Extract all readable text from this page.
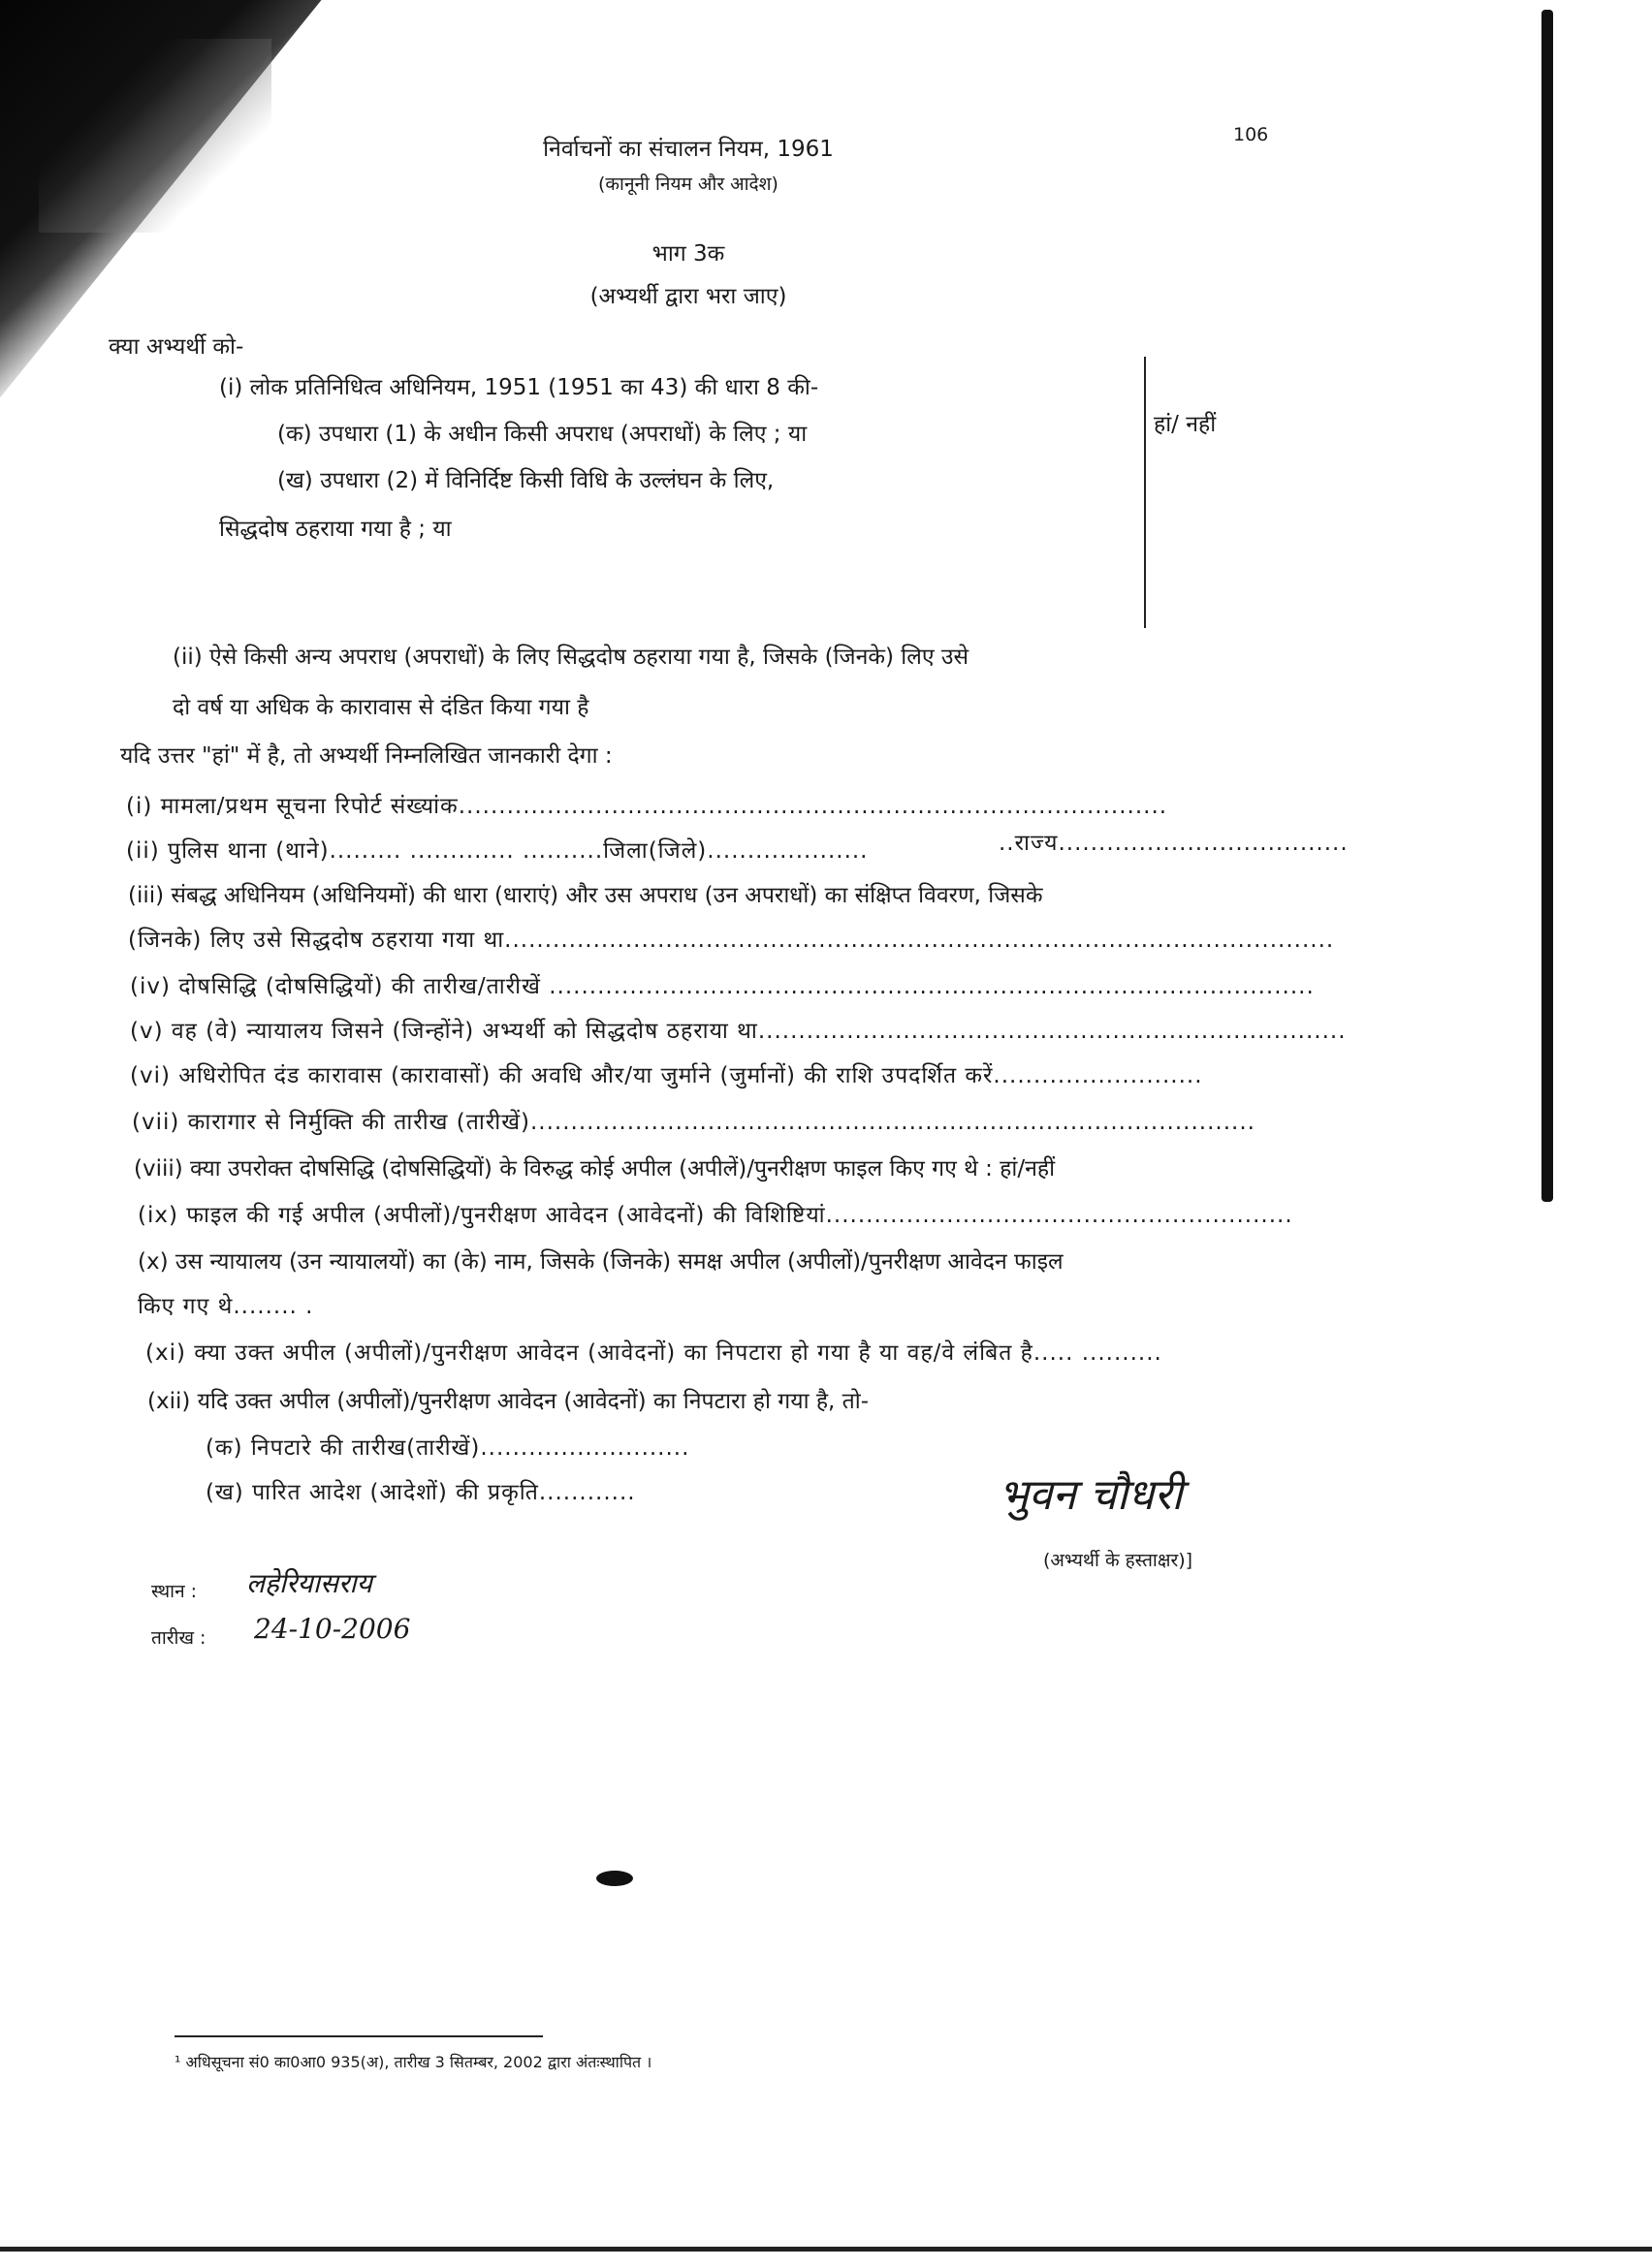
निर्वाचनों का संचालन नियम, 1961
(कानूनी नियम और आदेश)
106
भाग 3क
(अभ्यर्थी द्वारा भरा जाए)
क्या अभ्यर्थी को-
(i) लोक प्रतिनिधित्व अधिनियम, 1951 (1951 का 43) की धारा 8 की-
(क) उपधारा (1) के अधीन किसी अपराध (अपराधों) के लिए ; या
(ख) उपधारा (2) में विनिर्दिष्ट किसी विधि के उल्लंघन के लिए,
सिद्धदोष ठहराया गया है ; या
हां/ नहीं
(ii) ऐसे किसी अन्य अपराध (अपराधों) के लिए सिद्धदोष ठहराया गया है, जिसके (जिनके) लिए उसे
दो वर्ष या अधिक के कारावास से दंडित किया गया है
यदि उत्तर "हां" में है, तो अभ्यर्थी निम्नलिखित जानकारी देगा :
(i) मामला/प्रथम सूचना रिपोर्ट संख्यांक........................................................................................
(ii) पुलिस थाना (थाने)......... ............. ..........जिला(जिले)....................	..राज्य....................................
(iii) संबद्ध अधिनियम (अधिनियमों) की धारा (धाराएं) और उस अपराध (उन अपराधों) का संक्षिप्त विवरण, जिसके
(जिनके) लिए उसे सिद्धदोष ठहराया गया था.......................................................................................................
(iv) दोषसिद्धि (दोषसिद्धियों) की तारीख/तारीखें ...............................................................................................
(v) वह (वे) न्यायालय जिसने (जिन्होंने) अभ्यर्थी को सिद्धदोष ठहराया था.........................................................................
(vi) अधिरोपित दंड कारावास (कारावासों) की अवधि और/या जुर्माने (जुर्मानों) की राशि उपदर्शित करें..........................
(vii) कारागार से निर्मुक्ति की तारीख (तारीखें)..........................................................................................
(viii) क्या उपरोक्त दोषसिद्धि (दोषसिद्धियों) के विरुद्ध कोई अपील (अपीलें)/पुनरीक्षण फाइल किए गए थे : हां/नहीं
(ix) फाइल की गई अपील (अपीलों)/पुनरीक्षण आवेदन (आवेदनों) की विशिष्टियां..........................................................
(x) उस न्यायालय (उन न्यायालयों) का (के) नाम, जिसके (जिनके) समक्ष अपील (अपीलों)/पुनरीक्षण आवेदन फाइल
किए गए थे........ .
(xi) क्या उक्त अपील (अपीलों)/पुनरीक्षण आवेदन (आवेदनों) का निपटारा हो गया है या वह/वे लंबित है..... ..........
(xii) यदि उक्त अपील (अपीलों)/पुनरीक्षण आवेदन (आवेदनों) का निपटारा हो गया है, तो-
(क) निपटारे की तारीख(तारीखें)..........................
(ख) पारित आदेश (आदेशों) की प्रकृति............	भुवन चौधरी
(अभ्यर्थी के हस्ताक्षर)]
स्थान : लहेरियासराय
तारीख : 24-10-2006
¹ अधिसूचना सं0 का0आ0 935(अ), तारीख 3 सितम्बर, 2002 द्वारा अंतःस्थापित ।
